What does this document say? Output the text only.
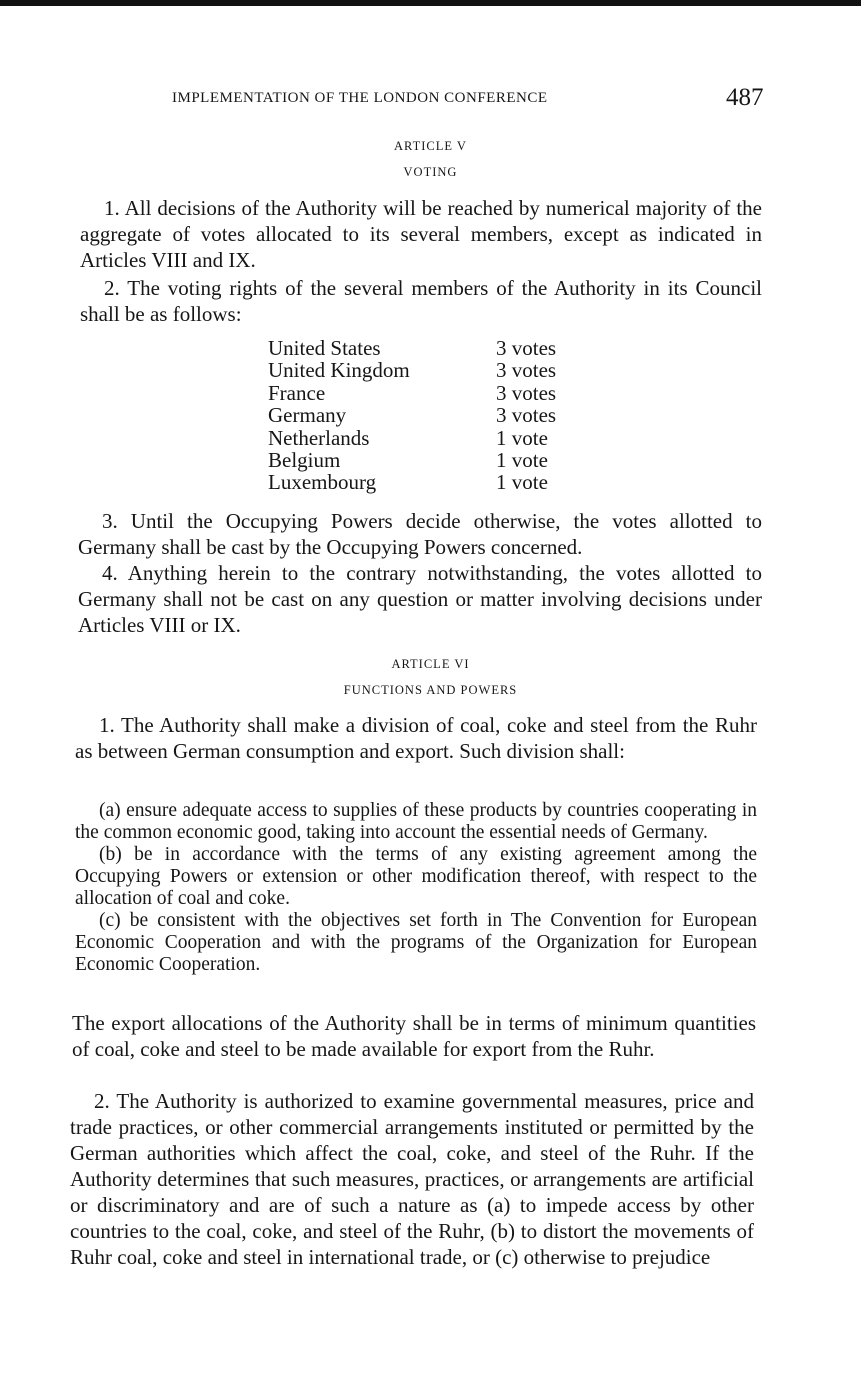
IMPLEMENTATION OF THE LONDON CONFERENCE	487
ARTICLE V
VOTING

1. All decisions of the Authority will be reached by numerical majority of the aggregate of votes allocated to its several members, except as indicated in Articles VIII and IX.

2. The voting rights of the several members of the Authority in its Council shall be as follows:

United States	3 votes
United Kingdom	3 votes
France	3 votes
Germany	3 votes
Netherlands	1 vote
Belgium	1 vote
Luxembourg	1 vote

3. Until the Occupying Powers decide otherwise, the votes allotted to Germany shall be cast by the Occupying Powers concerned.

4. Anything herein to the contrary notwithstanding, the votes allotted to Germany shall not be cast on any question or matter involving decisions under Articles VIII or IX.

ARTICLE VI
FUNCTIONS AND POWERS

1. The Authority shall make a division of coal, coke and steel from the Ruhr as between German consumption and export. Such division shall:

(a) ensure adequate access to supplies of these products by countries cooperating in the common economic good, taking into account the essential needs of Germany.

(b) be in accordance with the terms of any existing agreement among the Occupying Powers or extension or other modification thereof, with respect to the allocation of coal and coke.

(c) be consistent with the objectives set forth in The Convention for European Economic Cooperation and with the programs of the Organization for European Economic Cooperation.

The export allocations of the Authority shall be in terms of minimum quantities of coal, coke and steel to be made available for export from the Ruhr.

2. The Authority is authorized to examine governmental measures, price and trade practices, or other commercial arrangements instituted or permitted by the German authorities which affect the coal, coke, and steel of the Ruhr. If the Authority determines that such measures, practices, or arrangements are artificial or discriminatory and are of such a nature as (a) to impede access by other countries to the coal, coke, and steel of the Ruhr, (b) to distort the movements of Ruhr coal, coke and steel in international trade, or (c) otherwise to prejudice
